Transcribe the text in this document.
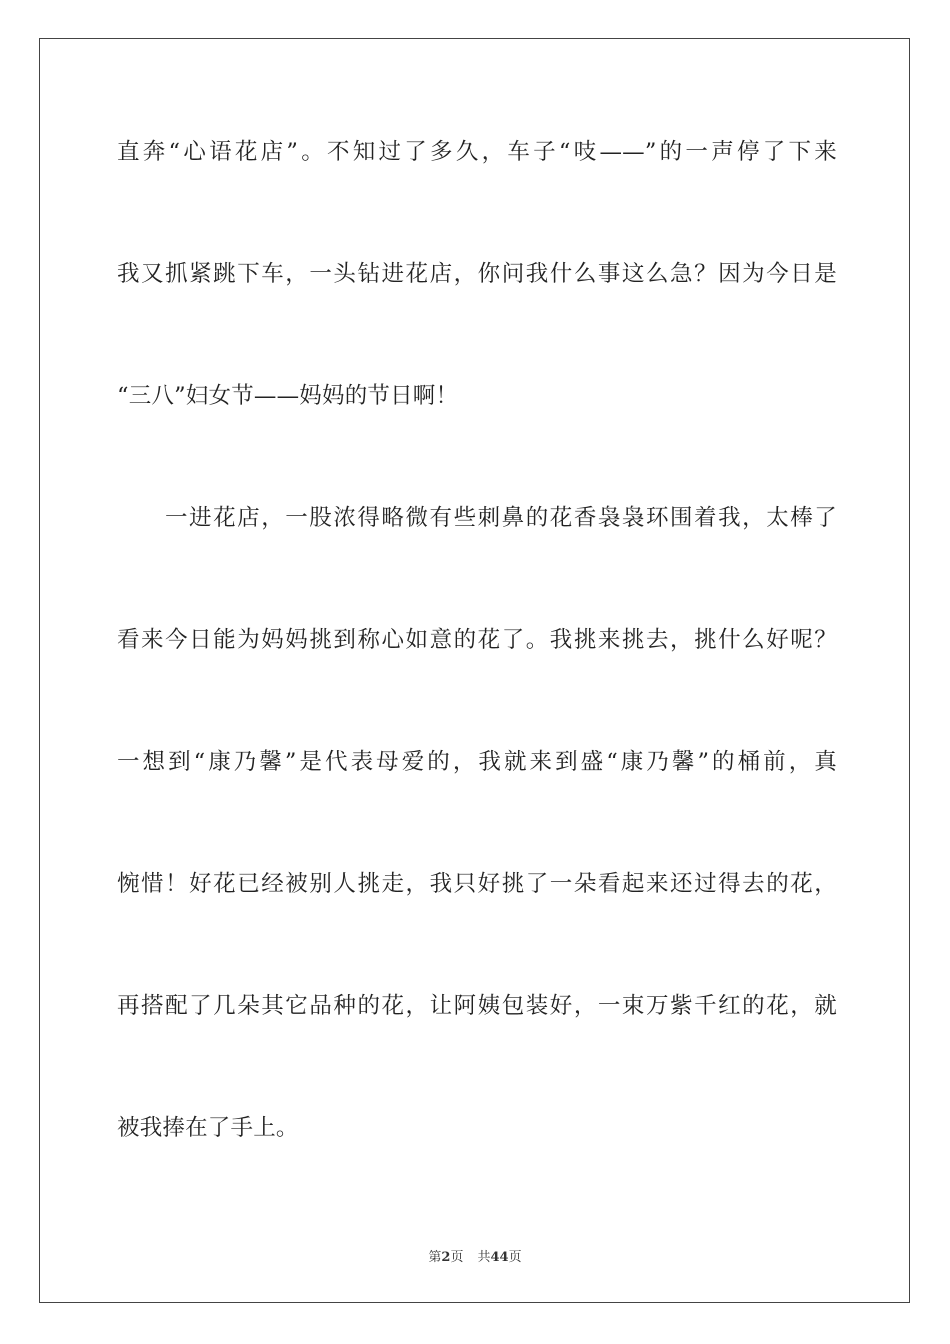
直奔“心语花店”。不知过了多久，车子“吱——”的一声停了下来
我又抓紧跳下车，一头钻进花店，你问我什么事这么急？因为今日是
“三八”妇女节——妈妈的节日啊！
一进花店，一股浓得略微有些刺鼻的花香袅袅环围着我，太棒了
看来今日能为妈妈挑到称心如意的花了。我挑来挑去，挑什么好呢？
一想到“康乃馨”是代表母爱的，我就来到盛“康乃馨”的桶前，真
惋惜！好花已经被别人挑走，我只好挑了一朵看起来还过得去的花，
再搭配了几朵其它品种的花，让阿姨包装好，一束万紫千红的花，就
被我捧在了手上。
第2页 共44页
